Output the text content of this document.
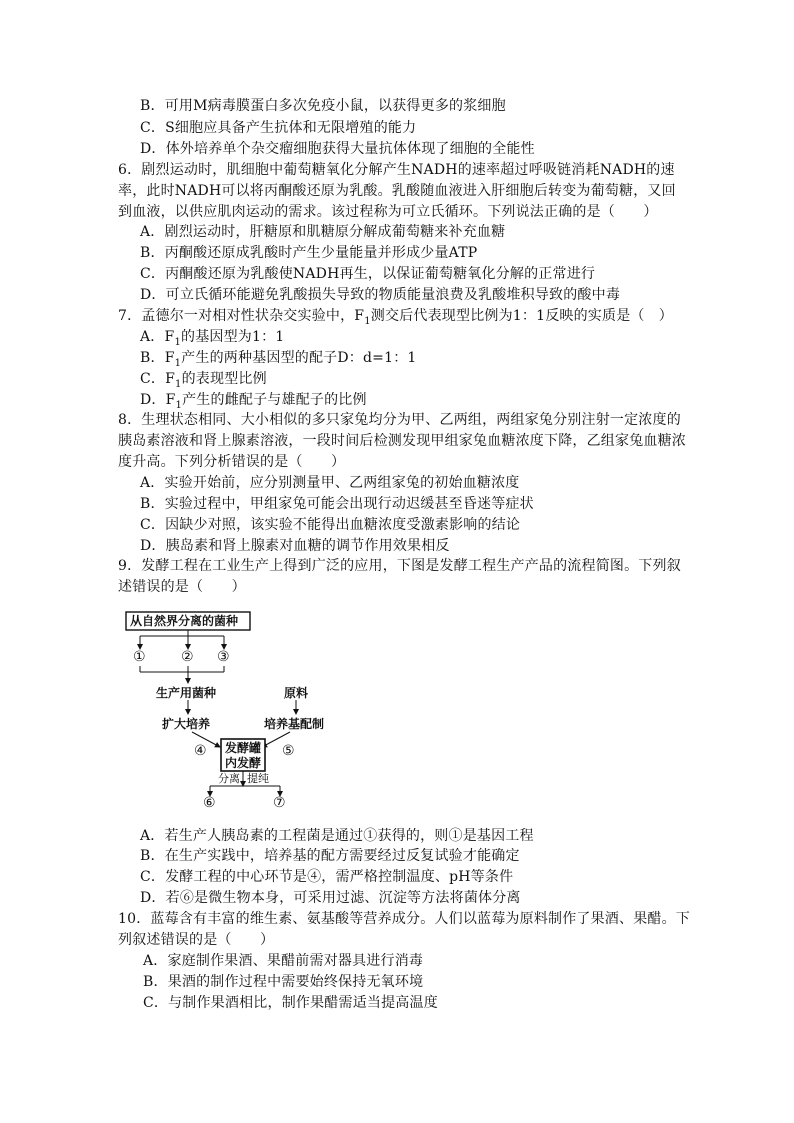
B．可用M病毒膜蛋白多次免疫小鼠，以获得更多的浆细胞
C．S细胞应具备产生抗体和无限增殖的能力
D．体外培养单个杂交瘤细胞获得大量抗体体现了细胞的全能性
6．剧烈运动时，肌细胞中葡萄糖氧化分解产生NADH的速率超过呼吸链消耗NADH的速
率，此时NADH可以将丙酮酸还原为乳酸。乳酸随血液进入肝细胞后转变为葡萄糖，又回
到血液，以供应肌肉运动的需求。该过程称为可立氏循环。下列说法正确的是（　　）
A．剧烈运动时，肝糖原和肌糖原分解成葡萄糖来补充血糖
B．丙酮酸还原成乳酸时产生少量能量并形成少量ATP
C．丙酮酸还原为乳酸使NADH再生，以保证葡萄糖氧化分解的正常进行
D．可立氏循环能避免乳酸损失导致的物质能量浪费及乳酸堆积导致的酸中毒
7．孟德尔一对相对性状杂交实验中，$F_1$测交后代表现型比例为1：1反映的实质是（　）
A．$F_1$的基因型为1：1
B．$F_1$产生的两种基因型的配子D：d=1：1
C．$F_1$的表现型比例
D．$F_1$产生的雌配子与雄配子的比例
8．生理状态相同、大小相似的多只家兔均分为甲、乙两组，两组家兔分别注射一定浓度的
胰岛素溶液和肾上腺素溶液，一段时间后检测发现甲组家兔血糖浓度下降，乙组家兔血糖浓
度升高。下列分析错误的是（　　）
A．实验开始前，应分别测量甲、乙两组家兔的初始血糖浓度
B．实验过程中，甲组家兔可能会出现行动迟缓甚至昏迷等症状
C．因缺少对照，该实验不能得出血糖浓度受激素影响的结论
D．胰岛素和肾上腺素对血糖的调节作用效果相反
9．发酵工程在工业生产上得到广泛的应用，下图是发酵工程生产产品的流程简图。下列叙
述错误的是（　　）
从自然界分离的菌种
①	② ③
生产用菌种	原料
扩大培养	培养基配制
④	⑤
发酵罐
内发酵
分离 提纯
⑥	⑦
A．若生产人胰岛素的工程菌是通过①获得的，则①是基因工程
B．在生产实践中，培养基的配方需要经过反复试验才能确定
C．发酵工程的中心环节是④，需严格控制温度、pH等条件
D．若⑥是微生物本身，可采用过滤、沉淀等方法将菌体分离
10．蓝莓含有丰富的维生素、氨基酸等营养成分。人们以蓝莓为原料制作了果酒、果醋。下
列叙述错误的是（　　）
A．家庭制作果酒、果醋前需对器具进行消毒
B．果酒的制作过程中需要始终保持无氧环境
C．与制作果酒相比，制作果醋需适当提高温度
